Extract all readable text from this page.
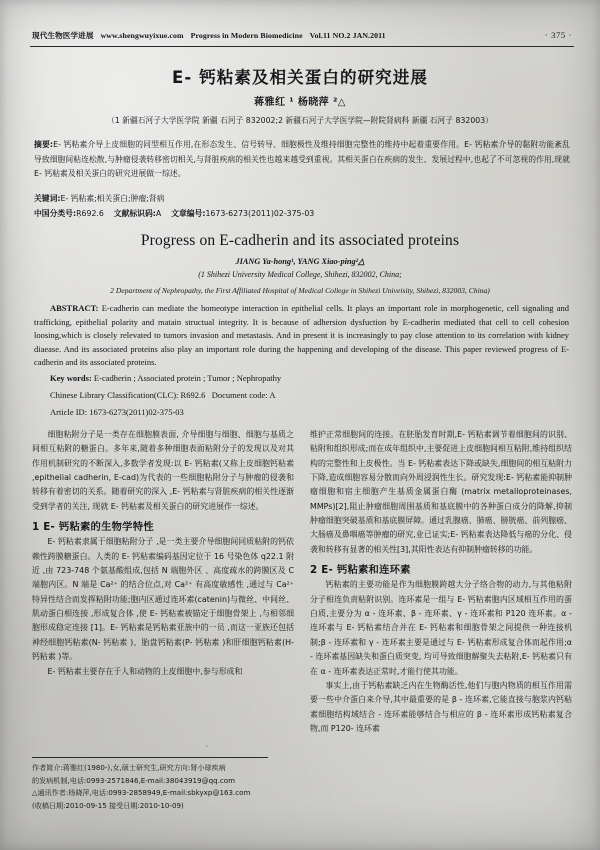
现代生物医学进展 www.shengwuyixue.com Progress in Modern Biomedicine Vol.11 NO.2 JAN.2011	· 375 ·
E- 钙粘素及相关蛋白的研究进展
蒋雅红 ¹ 杨晓萍 ²△
（1 新疆石河子大学医学院 新疆 石河子 832002;2 新疆石河子大学医学院—附院肾病科 新疆 石河子 832003）
摘要:E- 钙粘素介导上皮细胞的同型相互作用,在形态发生、信号转导、细胞极性及维持细胞完整性的维持中起着重要作用。E- 钙粘素介导的黏附功能紊乱导致细胞间粘连松散,与肿瘤侵袭转移密切相关,与肾脏疾病的相关性也越来越受到重视。其相关蛋白在疾病的发生、发展过程中,也起了不可忽视的作用,现就 E- 钙粘素及相关蛋白的研究进展做一综述。
关键词:E- 钙粘素;相关蛋白;肿瘤;肾病
中国分类号:R692.6 文献标识码:A 文章编号:1673-6273(2011)02-375-03
Progress on E-cadherin and its associated proteins
JIANG Ya-hong¹, YANG Xiao-ping²△
(1 Shihezi University Medical College, Shihezi, 832002, China;
2 Department of Nephropathy, the First Affiliated Hospital of Medical College in Shihezi Univeisity, Shihezi, 832003, China)
ABSTRACT: E-cadherin can mediate the homeotype interaction in epithelial cells. It plays an important role in morphogenetic, cell signaling and trafficking, epithelial polarity and matain structual integrity. It is because of adhersion dysfuction by E-cadherin mediated that cell to cell cohesion loosing,which is closely relevated to tumors invasion and metastasis. And in present it is increasingly to pay close attention to its correlation with kidney diaease. And its associated proteins also play an important role during the happening and developing of the disease. This paper reviewed progress of E-cadherin and its associated proteins.
Key words: E-cadherin ; Associated protein ; Tumor ; Nephropathy
Chinese Library Classification(CLC): R692.6 Document code: A
Article ID: 1673-6273(2011)02-375-03

细胞粘附分子是一类存在细胞膜表面, 介导细胞与细胞、细胞与基质之间相互粘附的糖蛋白。多年来,随着多种细胞表面粘附分子的发现以及对其作用机制研究的不断深入,多数学者发现:以 E- 钙粘素(又称上皮细胞钙粘素 ,epithelial cadherin, E-cad)为代表的一些细胞粘附分子与肿瘤的侵袭和转移有着密切的关系。随着研究的深入 ,E- 钙粘素与肾脏疾病的相关性逐渐受到学者的关注, 现就 E- 钙粘素及相关蛋白的研究进展作一综述。

1 E- 钙粘素的生物学特性

E- 钙粘素隶属于细胞粘附分子 ,是一类主要介导细胞间同质粘附的钙依赖性跨膜糖蛋白。人类的 E- 钙粘素编码基因定位于 16 号染色体 q22.1 附近 ,由 723-748 个氨基酸组成,包括 N 端胞外区 、高度疏水的跨膜区及 C 端胞内区。N 端是 Ca²⁺ 的结合位点,对 Ca²⁺ 有高度敏感性 ,通过与 Ca²⁺ 特异性结合而发挥粘附功能;胞内区通过连环素(catenin)与微丝、中间丝、肌动蛋白相连接 ,形成复合体 ,使 E- 钙粘素被锚定于细胞骨架上 ,与相邻细胞形成稳定连接 [1]。E- 钙粘素是钙粘素亚族中的一员 ,而这一亚族还包括神经细胞钙粘素(N- 钙粘素 )、胎盘钙粘素(P- 钙粘素 )和肝细胞钙粘素(H- 钙粘素 )等。

E- 钙粘素主要存在于人和动物的上皮细胞中,参与形成和

维护正常细胞间的连接。在胚胎发育时期,E- 钙粘素调节着细胞间的识别、粘附和组织形成;而在成年组织中,主要促进上皮细胞间相互粘附,维持组织结构的完整性和上皮极性。当 E- 钙粘素表达下降或缺失,细胞间的相互粘附力下降,造成细胞容易分散而向外周浸润性生长。研究发现:E- 钙粘素能抑制肿瘤细胞和宿主细胞产生基质金属蛋白酶 (matrix metalloproteinases, MMPs)[2],阻止肿瘤细胞周围基质和基底膜中的各种蛋白成分的降解,抑制肿瘤细胞突破基质和基底膜屏障。通过乳腺癌、肺癌、膀胱癌、前列腺癌、大肠癌及鼻咽癌等肿瘤的研究,业已证实;E- 钙粘素表达降低与癌的分化、侵袭和转移有显著的相关性[3],其阳性表达有抑制肿瘤转移的功能。

2 E- 钙粘素和连环素

钙粘素的主要功能是作为细胞膜跨越大分子络合物的动力,与其他粘附分子相连负责粘附识别。连环素是一组与 E- 钙粘素胞内区域相互作用的蛋白质,主要分为 α - 连环素、β - 连环素、γ - 连环素和 P120 连环素。α - 连环素与 E- 钙粘素结合并在 E- 钙粘素和细胞骨架之间提供一种连接机制;β - 连环素和 γ - 连环素主要是通过与 E- 钙粘素形成复合体而起作用;α - 连环素基因缺失和蛋白质突变, 均可导致细胞解聚失去粘附,E- 钙粘素只有在 α - 连环素表达正常时,才能行使其功能。

事实上,由于钙粘素缺乏内在生物酶活性,他们与胞内物质的相互作用需要一些中介蛋白来介导,其中最重要的是 β - 连环素,它能直接与胞浆内钙粘素细胞结构域结合 - 连环素能够结合与相应的 β - 连环素形成钙粘素复合物,而 P120- 连环素

作者简介:蒋雅红(1980-),女,硕士研究生,研究方向:肾小球疾病
的发病机制,电话:0993-2571846,E-mail:38043919@qq.com
△通讯作者:杨晓萍,电话:0993-2858949,E-mail:sbkyxp@163.com
(收稿日期:2010-09-15 接受日期:2010-10-09)
